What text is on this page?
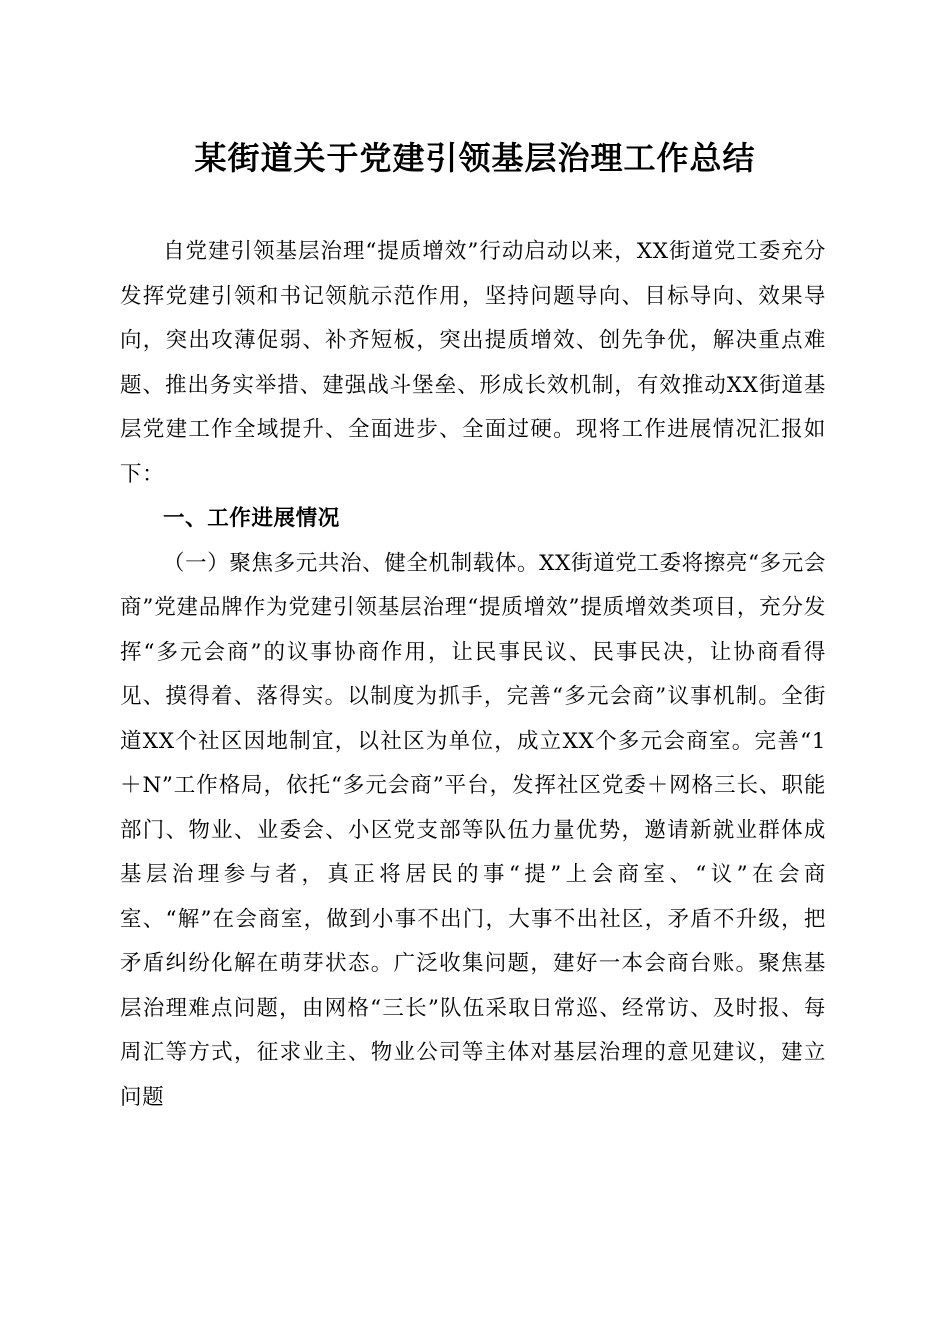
某街道关于党建引领基层治理工作总结

自党建引领基层治理“提质增效”行动启动以来，XX街道党工委充分发挥党建引领和书记领航示范作用，坚持问题导向、目标导向、效果导向，突出攻薄促弱、补齐短板，突出提质增效、创先争优，解决重点难题、推出务实举措、建强战斗堡垒、形成长效机制，有效推动XX街道基层党建工作全域提升、全面进步、全面过硬。现将工作进展情况汇报如下：

一、工作进展情况

（一）聚焦多元共治、健全机制载体。XX街道党工委将擦亮“多元会商”党建品牌作为党建引领基层治理“提质增效”提质增效类项目，充分发挥“多元会商”的议事协商作用，让民事民议、民事民决，让协商看得见、摸得着、落得实。以制度为抓手，完善“多元会商”议事机制。全街道XX个社区因地制宜，以社区为单位，成立XX个多元会商室。完善“1＋N”工作格局，依托“多元会商”平台，发挥社区党委＋网格三长、职能部门、物业、业委会、小区党支部等队伍力量优势，邀请新就业群体成基层治理参与者，真正将居民的事“提”上会商室、“议”在会商室、“解”在会商室，做到小事不出门，大事不出社区，矛盾不升级，把矛盾纠纷化解在萌芽状态。广泛收集问题，建好一本会商台账。聚焦基层治理难点问题，由网格“三长”队伍采取日常巡、经常访、及时报、每周汇等方式，征求业主、物业公司等主体对基层治理的意见建议，建立问题
